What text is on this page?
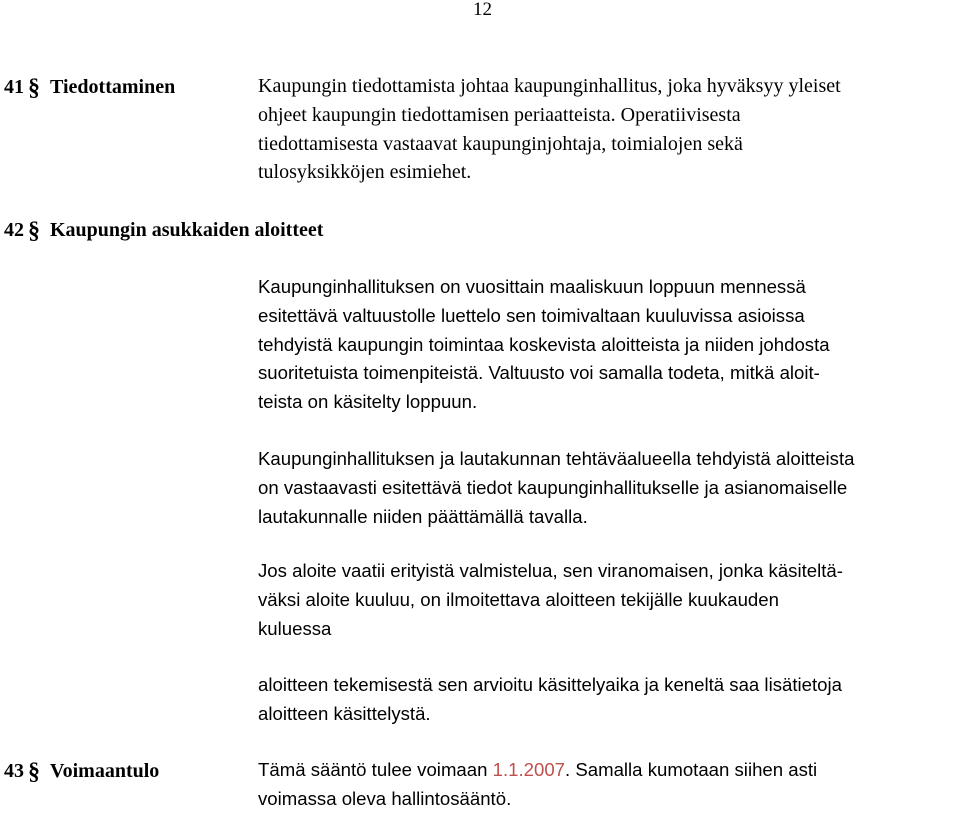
12
41 § Tiedottaminen	Kaupungin tiedottamista johtaa kaupunginhallitus, joka hyväksyy yleiset
ohjeet kaupungin tiedottamisen periaatteista. Operatiivisesta
tiedottamisesta vastaavat kaupunginjohtaja, toimialojen sekä
tulosyksikköjen esimiehet.

42 § Kaupungin asukkaiden aloitteet

Kaupunginhallituksen on vuosittain maaliskuun loppuun mennessä
esitettävä valtuustolle luettelo sen toimivaltaan kuuluvissa asioissa
tehdyistä kaupungin toimintaa koskevista aloitteista ja niiden johdosta
suoritetuista toimenpiteistä. Valtuusto voi samalla todeta, mitkä aloit-
teista on käsitelty loppuun.

Kaupunginhallituksen ja lautakunnan tehtäväalueella tehdyistä aloitteista
on vastaavasti esitettävä tiedot kaupunginhallitukselle ja asianomaiselle
lautakunnalle niiden päättämällä tavalla.

Jos aloite vaatii erityistä valmistelua, sen viranomaisen, jonka käsiteltä-
väksi aloite kuuluu, on ilmoitettava aloitteen tekijälle kuukauden
kuluessa

aloitteen tekemisestä sen arvioitu käsittelyaika ja keneltä saa lisätietoja
aloitteen käsittelystä.

43 § Voimaantulo	Tämä sääntö tulee voimaan 1.1.2007. Samalla kumotaan siihen asti
voimassa oleva hallintosääntö.
